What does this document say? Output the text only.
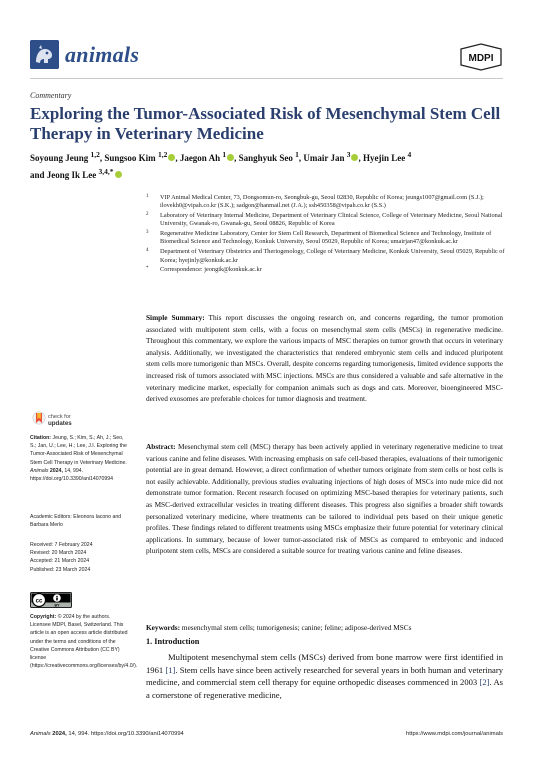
animals	MDPI
Commentary
Exploring the Tumor-Associated Risk of Mesenchymal Stem Cell Therapy in Veterinary Medicine
Soyoung Jeung $^{1,2}$, Sungsoo Kim $^{1,2}$ , Jaegon Ah $^1$ , Sanghyuk Seo $^1$, Umair Jan $^3$ , Hyejin Lee $^4$
and Jeong Ik Lee $^{3,4,*}$
1 VIP Animal Medical Center, 73, Dongsomun-ro, Seongbuk-gu, Seoul 02830, Republic of Korea; jeungs1007@gmail.com (S.J.); ilovekh0@vipah.co.kr (S.K.); sadgon@hanmail.net (J.A.); ssh450358@vipah.co.kr (S.S.)
2 Laboratory of Veterinary Internal Medicine, Department of Veterinary Clinical Science, College of Veterinary Medicine, Seoul National University, Gwanak-ro, Gwanak-gu, Seoul 08826, Republic of Korea
3 Regenerative Medicine Laboratory, Center for Stem Cell Research, Department of Biomedical Science and Technology, Institute of Biomedical Science and Technology, Konkuk University, Seoul 05029, Republic of Korea; umairjan47@konkuk.ac.kr
4 Department of Veterinary Obstetrics and Theriogenology, College of Veterinary Medicine, Konkuk University, Seoul 05029, Republic of Korea; hyejinly@konkuk.ac.kr
* Correspondence: jeongik@konkuk.ac.kr
Simple Summary: This report discusses the ongoing research on, and concerns regarding, the tumor promotion associated with multipotent stem cells, with a focus on mesenchymal stem cells (MSCs) in regenerative medicine. Throughout this commentary, we explore the various impacts of MSC therapies on tumor growth that occurs in veterinary analysis. Additionally, we investigated the characteristics that rendered embryonic stem cells and induced pluripotent stem cells more tumorigenic than MSCs. Overall, despite concerns regarding tumorigenesis, limited evidence supports the increased risk of tumors associated with MSC injections. MSCs are thus considered a valuable and safe alternative in the veterinary medicine market, especially for companion animals such as dogs and cats. Moreover, bioengineered MSC-derived exosomes are preferable choices for tumor diagnosis and treatment.
Abstract: Mesenchymal stem cell (MSC) therapy has been actively applied in veterinary regenerative medicine to treat various canine and feline diseases. With increasing emphasis on safe cell-based therapies, evaluations of their tumorigenic potential are in great demand. However, a direct confirmation of whether tumors originate from stem cells or host cells is not easily achievable. Additionally, previous studies evaluating injections of high doses of MSCs into nude mice did not demonstrate tumor formation. Recent research focused on optimizing MSC-based therapies for veterinary patients, such as MSC-derived extracellular vesicles in treating different diseases. This progress also signifies a broader shift towards personalized veterinary medicine, where treatments can be tailored to individual pets based on their unique genetic profiles. These findings related to different treatments using MSCs emphasize their future potential for veterinary clinical applications. In summary, because of lower tumor-associated risk of MSCs as compared to embryonic and induced pluripotent stem cells, MSCs are considered a suitable source for treating various canine and feline diseases.
Keywords: mesenchymal stem cells; tumorigenesis; canine; feline; adipose-derived MSCs
check for
updates
Citation: Jeung, S.; Kim, S.; Ah, J.; Seo, S.; Jan, U.; Lee, H.; Lee, J.I. Exploring the Tumor-Associated Risk of Mesenchymal Stem Cell Therapy in Veterinary Medicine. Animals 2024, 14, 994. https://doi.org/10.3390/ani14070994
Academic Editors: Eleonora Iacono and Barbara Merlo
Received: 7 February 2024
Revised: 20 March 2024
Accepted: 21 March 2024
Published: 23 March 2024
cc
BY
Copyright: © 2024 by the authors. Licensee MDPI, Basel, Switzerland. This article is an open access article distributed under the terms and conditions of the Creative Commons Attribution (CC BY) license (https://creativecommons.org/licenses/by/4.0/).
1. Introduction
Multipotent mesenchymal stem cells (MSCs) derived from bone marrow were first identified in 1961 [1]. Stem cells have since been actively researched for several years in both human and veterinary medicine, and commercial stem cell therapy for equine orthopedic diseases commenced in 2003 [2]. As a cornerstone of regenerative medicine,
Animals 2024, 14, 994. https://doi.org/10.3390/ani14070994	https://www.mdpi.com/journal/animals
